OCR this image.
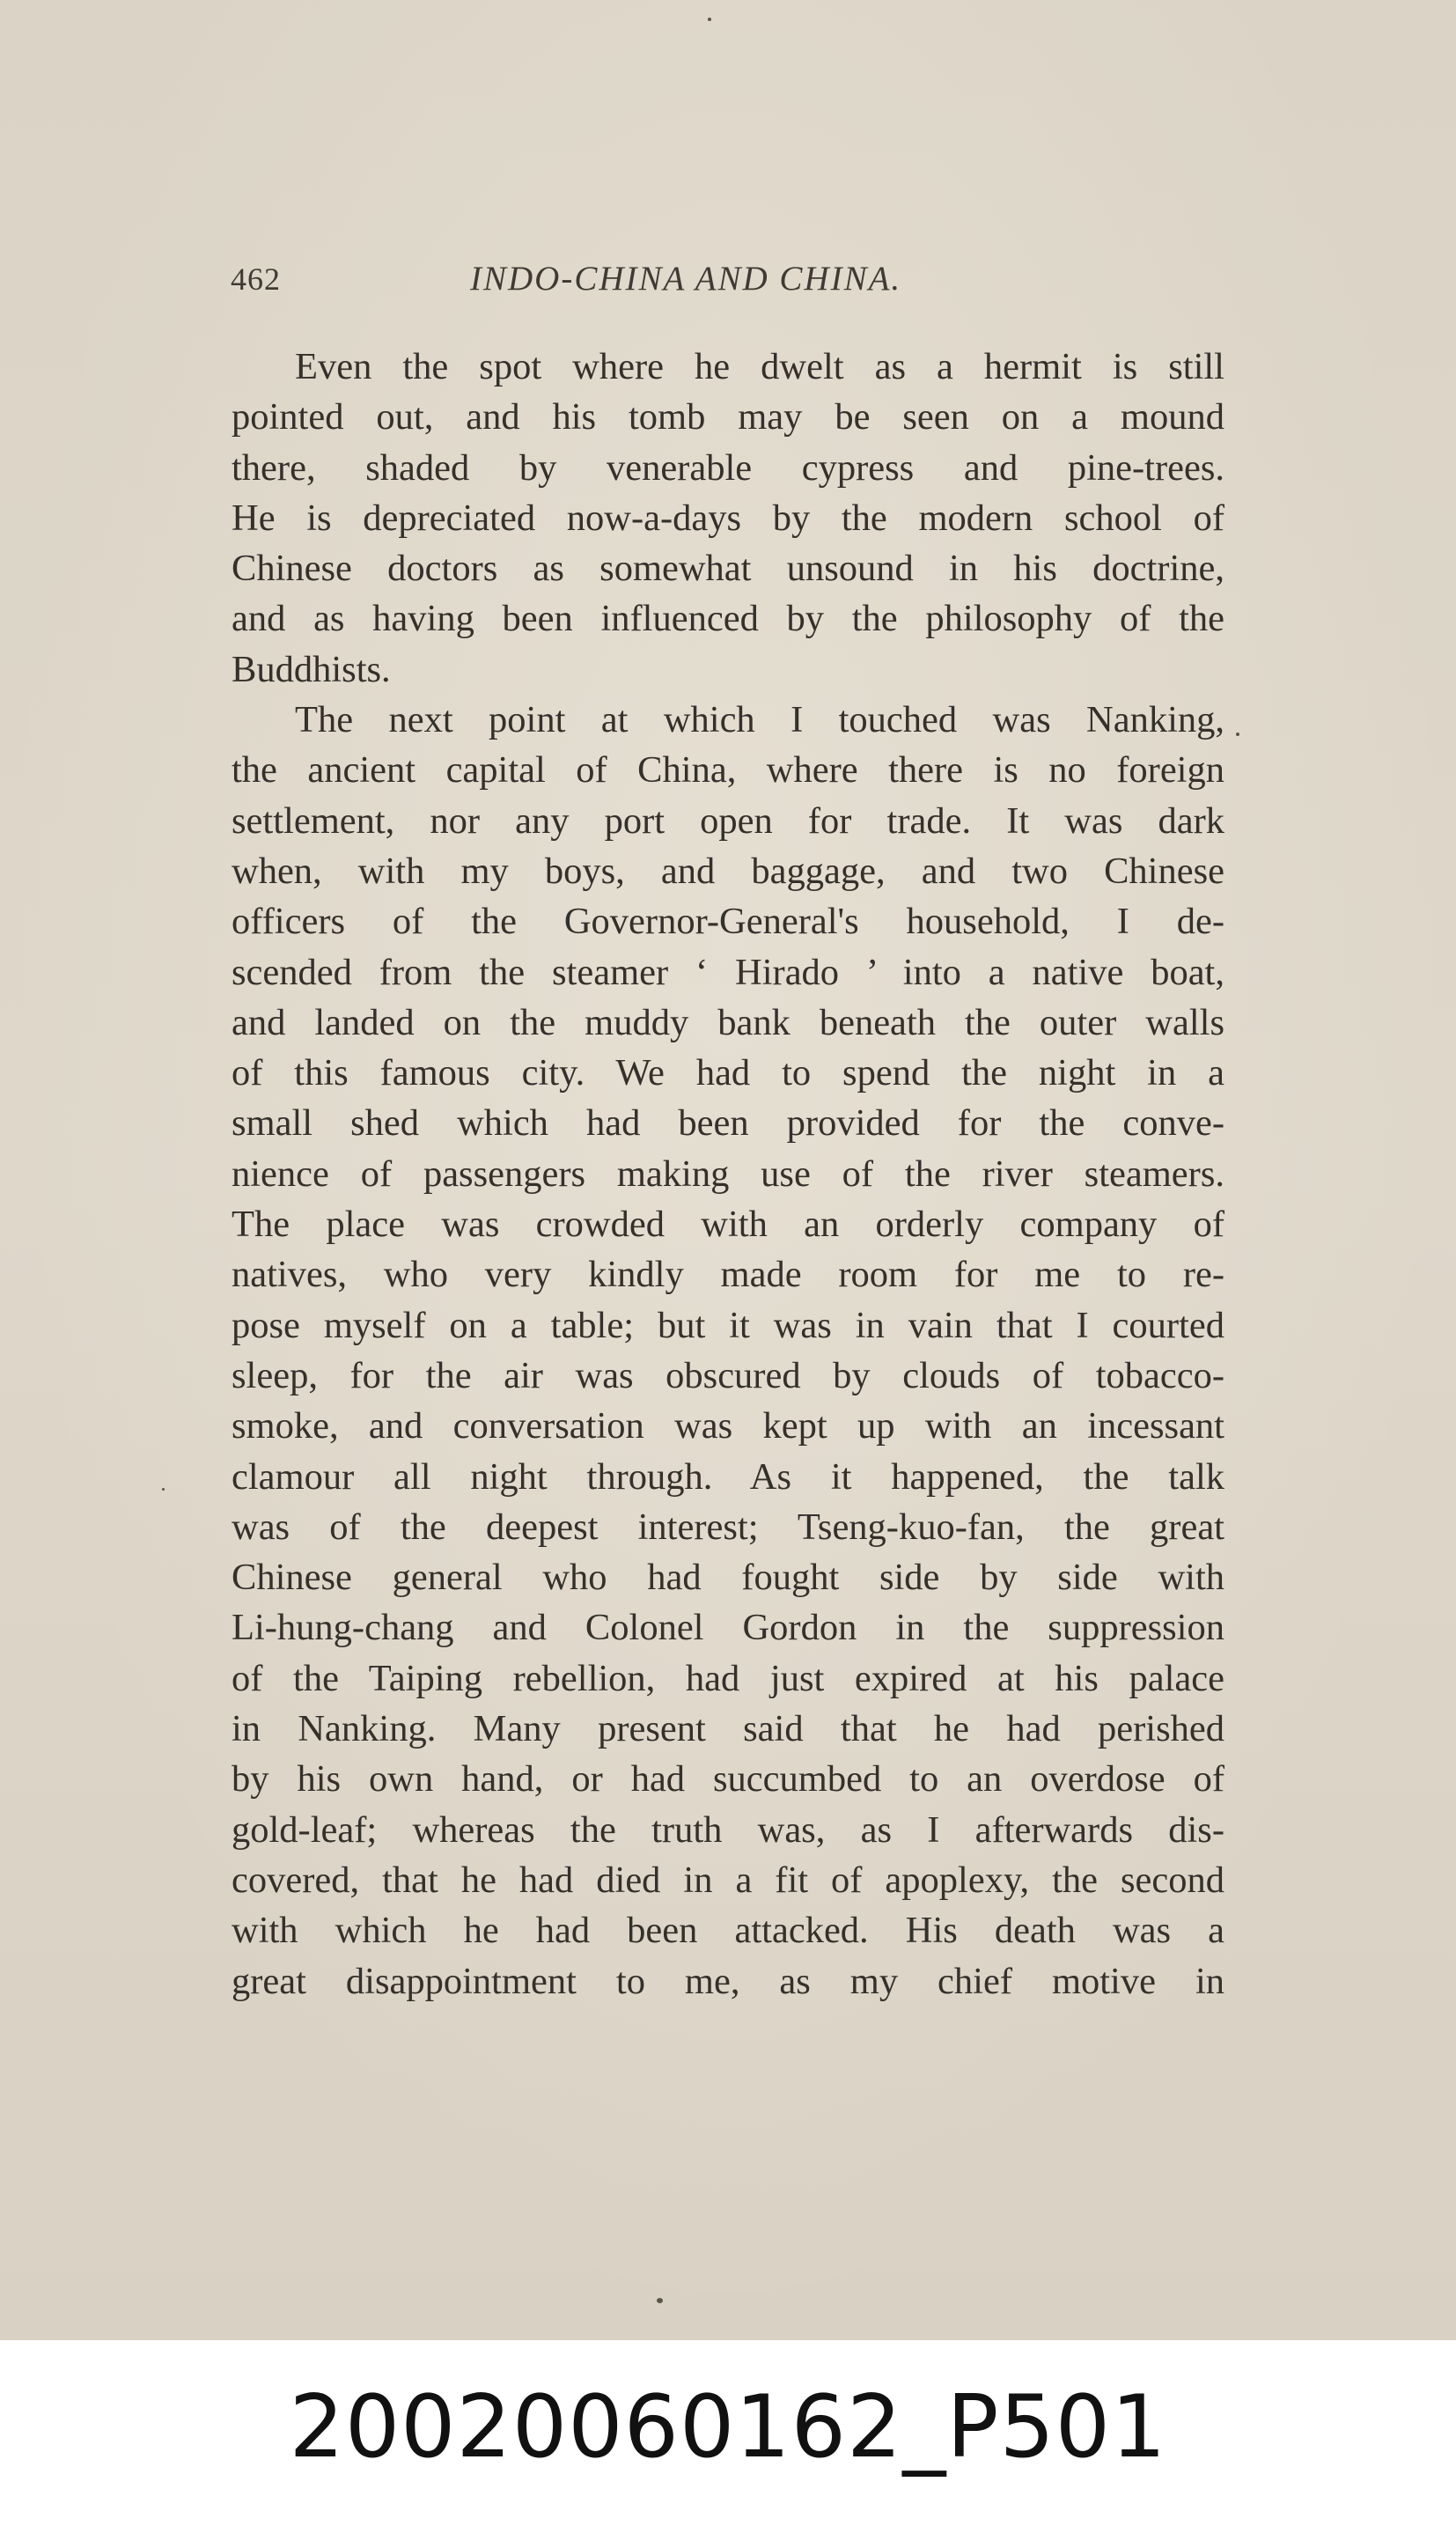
462	INDO-CHINA AND CHINA.
Even the spot where he dwelt as a hermit is still
pointed out, and his tomb may be seen on a mound
there, shaded by venerable cypress and pine-trees.
He is depreciated now-a-days by the modern school of
Chinese doctors as somewhat unsound in his doctrine,
and as having been influenced by the philosophy of the
Buddhists.
The next point at which I touched was Nanking,
the ancient capital of China, where there is no foreign
settlement, nor any port open for trade. It was dark
when, with my boys, and baggage, and two Chinese
officers of the Governor-General's household, I de-
scended from the steamer ‘ Hirado ’ into a native boat,
and landed on the muddy bank beneath the outer walls
of this famous city. We had to spend the night in a
small shed which had been provided for the conve-
nience of passengers making use of the river steamers.
The place was crowded with an orderly company of
natives, who very kindly made room for me to re-
pose myself on a table; but it was in vain that I courted
sleep, for the air was obscured by clouds of tobacco-
smoke, and conversation was kept up with an incessant
clamour all night through. As it happened, the talk
was of the deepest interest; Tseng-kuo-fan, the great
Chinese general who had fought side by side with
Li-hung-chang and Colonel Gordon in the suppression
of the Taiping rebellion, had just expired at his palace
in Nanking. Many present said that he had perished
by his own hand, or had succumbed to an overdose of
gold-leaf; whereas the truth was, as I afterwards dis-
covered, that he had died in a fit of apoplexy, the second
with which he had been attacked. His death was a
great disappointment to me, as my chief motive in
20020060162_P501
